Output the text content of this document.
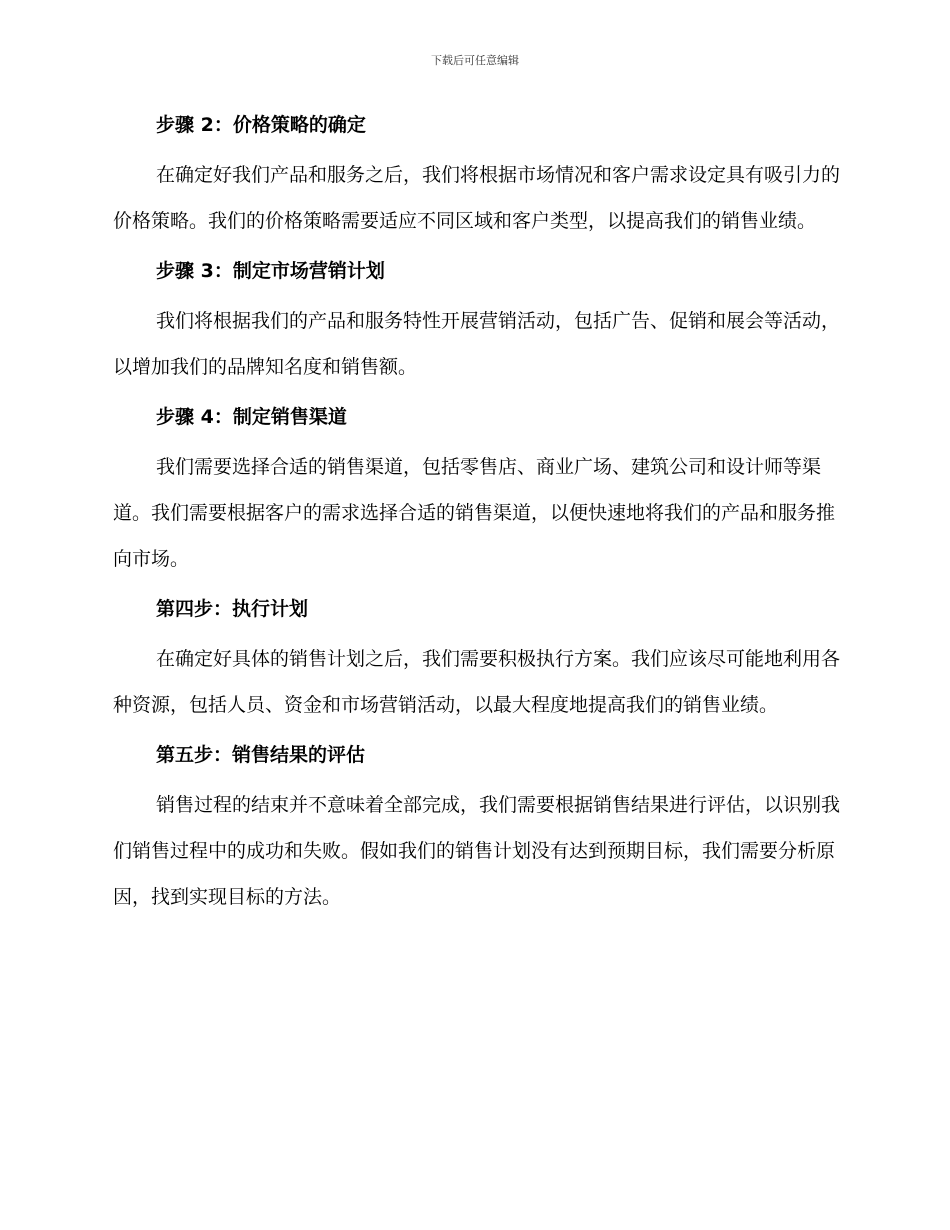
下载后可任意编辑
步骤 2：价格策略的确定
在确定好我们产品和服务之后，我们将根据市场情况和客户需求设定具有吸引力的价格策略。我们的价格策略需要适应不同区域和客户类型，以提高我们的销售业绩。
步骤 3：制定市场营销计划
我们将根据我们的产品和服务特性开展营销活动，包括广告、促销和展会等活动，以增加我们的品牌知名度和销售额。
步骤 4：制定销售渠道
我们需要选择合适的销售渠道，包括零售店、商业广场、建筑公司和设计师等渠道。我们需要根据客户的需求选择合适的销售渠道，以便快速地将我们的产品和服务推向市场。
第四步：执行计划
在确定好具体的销售计划之后，我们需要积极执行方案。我们应该尽可能地利用各种资源，包括人员、资金和市场营销活动，以最大程度地提高我们的销售业绩。
第五步：销售结果的评估
销售过程的结束并不意味着全部完成，我们需要根据销售结果进行评估，以识别我们销售过程中的成功和失败。假如我们的销售计划没有达到预期目标，我们需要分析原因，找到实现目标的方法。
